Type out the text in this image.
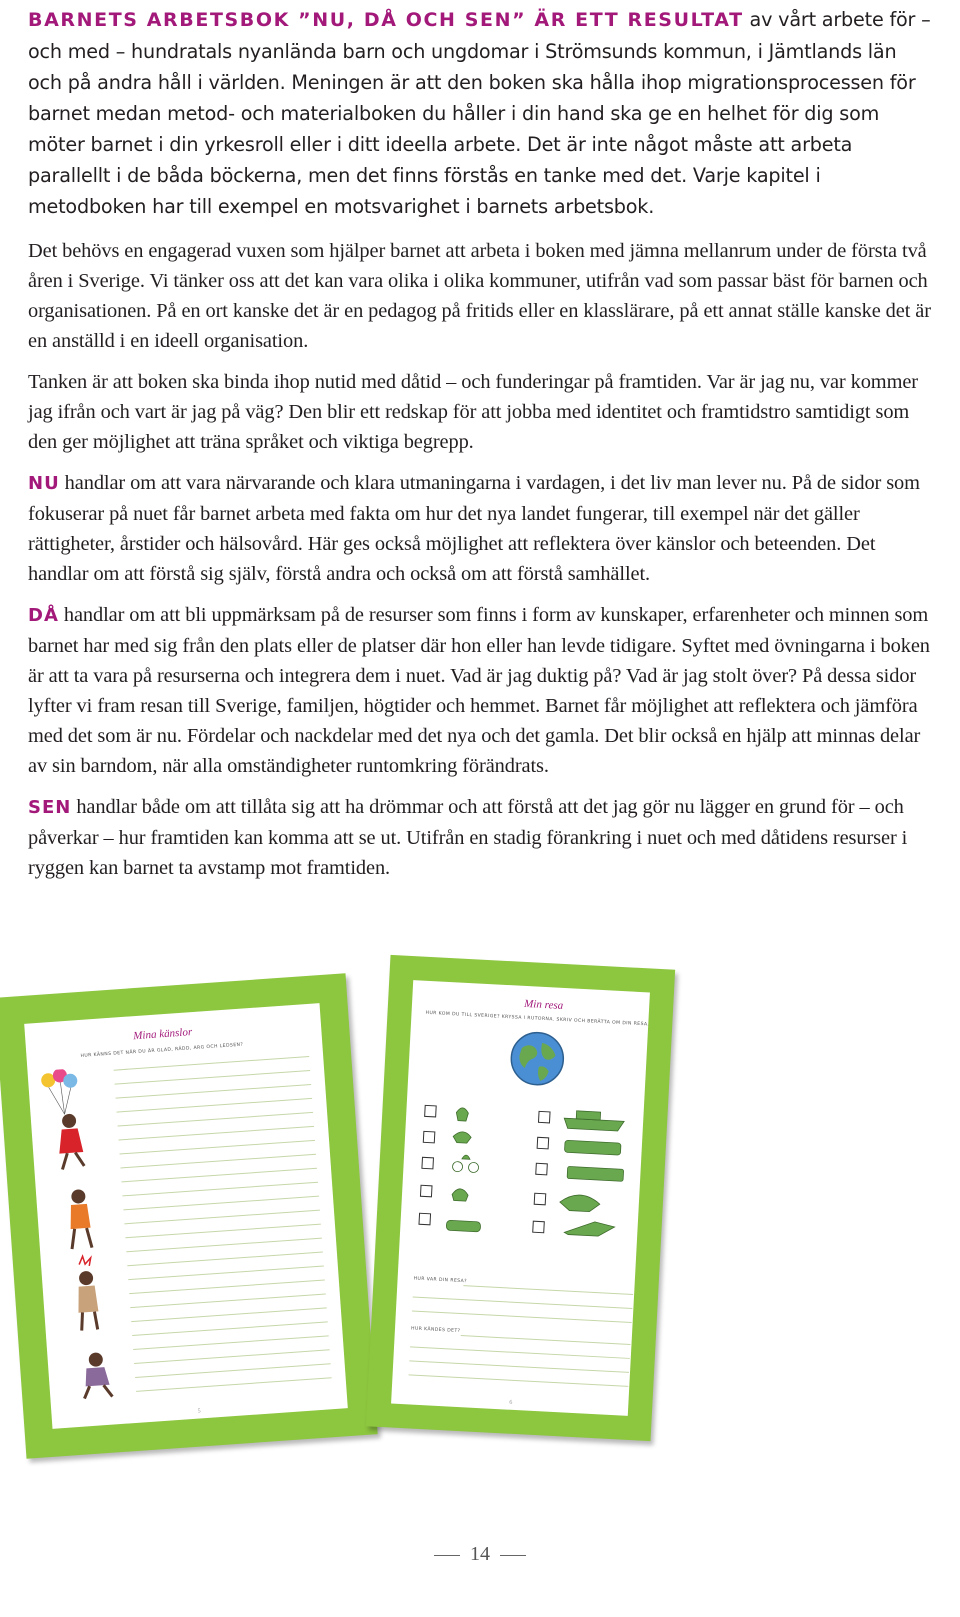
BARNETS ARBETSBOK ”NU, DÅ OCH SEN” ÄR ETT RESULTAT av vårt arbete för – och med – hundratals nyanlända barn och ungdomar i Strömsunds kommun, i Jämtlands län och på andra håll i världen. Meningen är att den boken ska hålla ihop migrationsprocessen för barnet medan metod- och materialboken du håller i din hand ska ge en helhet för dig som möter barnet i din yrkesroll eller i ditt ideella arbete. Det är inte något måste att arbeta parallellt i de båda böckerna, men det finns förstås en tanke med det. Varje kapitel i metodboken har till exempel en motsvarighet i barnets arbetsbok.

Det behövs en engagerad vuxen som hjälper barnet att arbeta i boken med jämna mellanrum under de första två åren i Sverige. Vi tänker oss att det kan vara olika i olika kommuner, utifrån vad som passar bäst för barnen och organisationen. På en ort kanske det är en pedagog på fritids eller en klasslärare, på ett annat ställe kanske det är en anställd i en ideell organisation.

Tanken är att boken ska binda ihop nutid med dåtid – och funderingar på framtiden. Var är jag nu, var kommer jag ifrån och vart är jag på väg? Den blir ett redskap för att jobba med identitet och framtidstro samtidigt som den ger möjlighet att träna språket och viktiga begrepp.

NU handlar om att vara närvarande och klara utmaningarna i vardagen, i det liv man lever nu. På de sidor som fokuserar på nuet får barnet arbeta med fakta om hur det nya landet fungerar, till exempel när det gäller rättigheter, årstider och hälsovård. Här ges också möjlighet att reflektera över känslor och beteenden. Det handlar om att förstå sig själv, förstå andra och också om att förstå samhället.

DÅ handlar om att bli uppmärksam på de resurser som finns i form av kunskaper, erfarenheter och minnen som barnet har med sig från den plats eller de platser där hon eller han levde tidigare. Syftet med övningarna i boken är att ta vara på resurserna och integrera dem i nuet. Vad är jag duktig på? Vad är jag stolt över? På dessa sidor lyfter vi fram resan till Sverige, familjen, högtider och hemmet. Barnet får möjlighet att reflektera och jämföra med det som är nu. Fördelar och nackdelar med det nya och det gamla. Det blir också en hjälp att minnas delar av sin barndom, när alla omständigheter runtomkring förändrats.

SEN handlar både om att tillåta sig att ha drömmar och att förstå att det jag gör nu lägger en grund för – och påverkar – hur framtiden kan komma att se ut. Utifrån en stadig förankring i nuet och med dåtidens resurser i ryggen kan barnet ta avstamp mot framtiden.

Mina känslor
HUR KÄNNS DET NÄR DU ÄR GLAD, RÄDD, ARG OCH LEDSEN?
5
Min resa
HUR KOM DU TILL SVERIGE? KRYSSA I RUTORNA. SKRIV OCH BERÄTTA OM DIN RESA.
HUR VAR DIN RESA?
HUR KÄNDES DET?
6
14
